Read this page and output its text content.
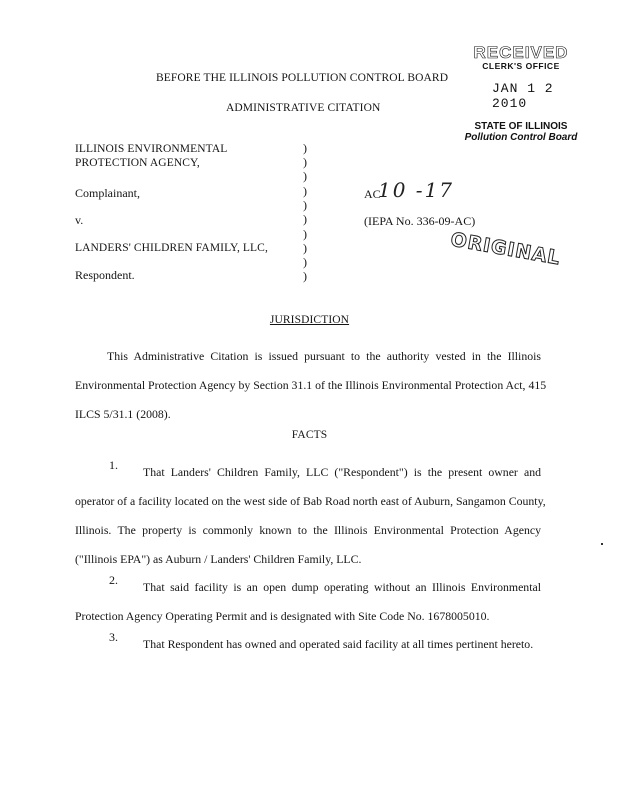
RECEIVED
CLERK'S OFFICE
JAN 1 2 2010
STATE OF ILLINOIS
Pollution Control Board
BEFORE THE ILLINOIS POLLUTION CONTROL BOARD
ADMINISTRATIVE CITATION
ILLINOIS ENVIRONMENTAL
PROTECTION AGENCY,
Complainant,
v.
LANDERS' CHILDREN FAMILY, LLC,
Respondent.
)
)
)
)
)
)
)
)
)
)
AC
10 -17
(IEPA No. 336-09-AC)
ORIGINAL
JURISDICTION
This Administrative Citation is issued pursuant to the authority vested in the Illinois
Environmental Protection Agency by Section 31.1 of the Illinois Environmental Protection Act, 415
ILCS 5/31.1 (2008).
FACTS
1.	That Landers' Children Family, LLC ("Respondent") is the present owner and
operator of a facility located on the west side of Bab Road north east of Auburn, Sangamon County,
Illinois. The property is commonly known to the Illinois Environmental Protection Agency
("Illinois EPA") as Auburn / Landers' Children Family, LLC.
2.	That said facility is an open dump operating without an Illinois Environmental
Protection Agency Operating Permit and is designated with Site Code No. 1678005010.
3.	That Respondent has owned and operated said facility at all times pertinent hereto.
